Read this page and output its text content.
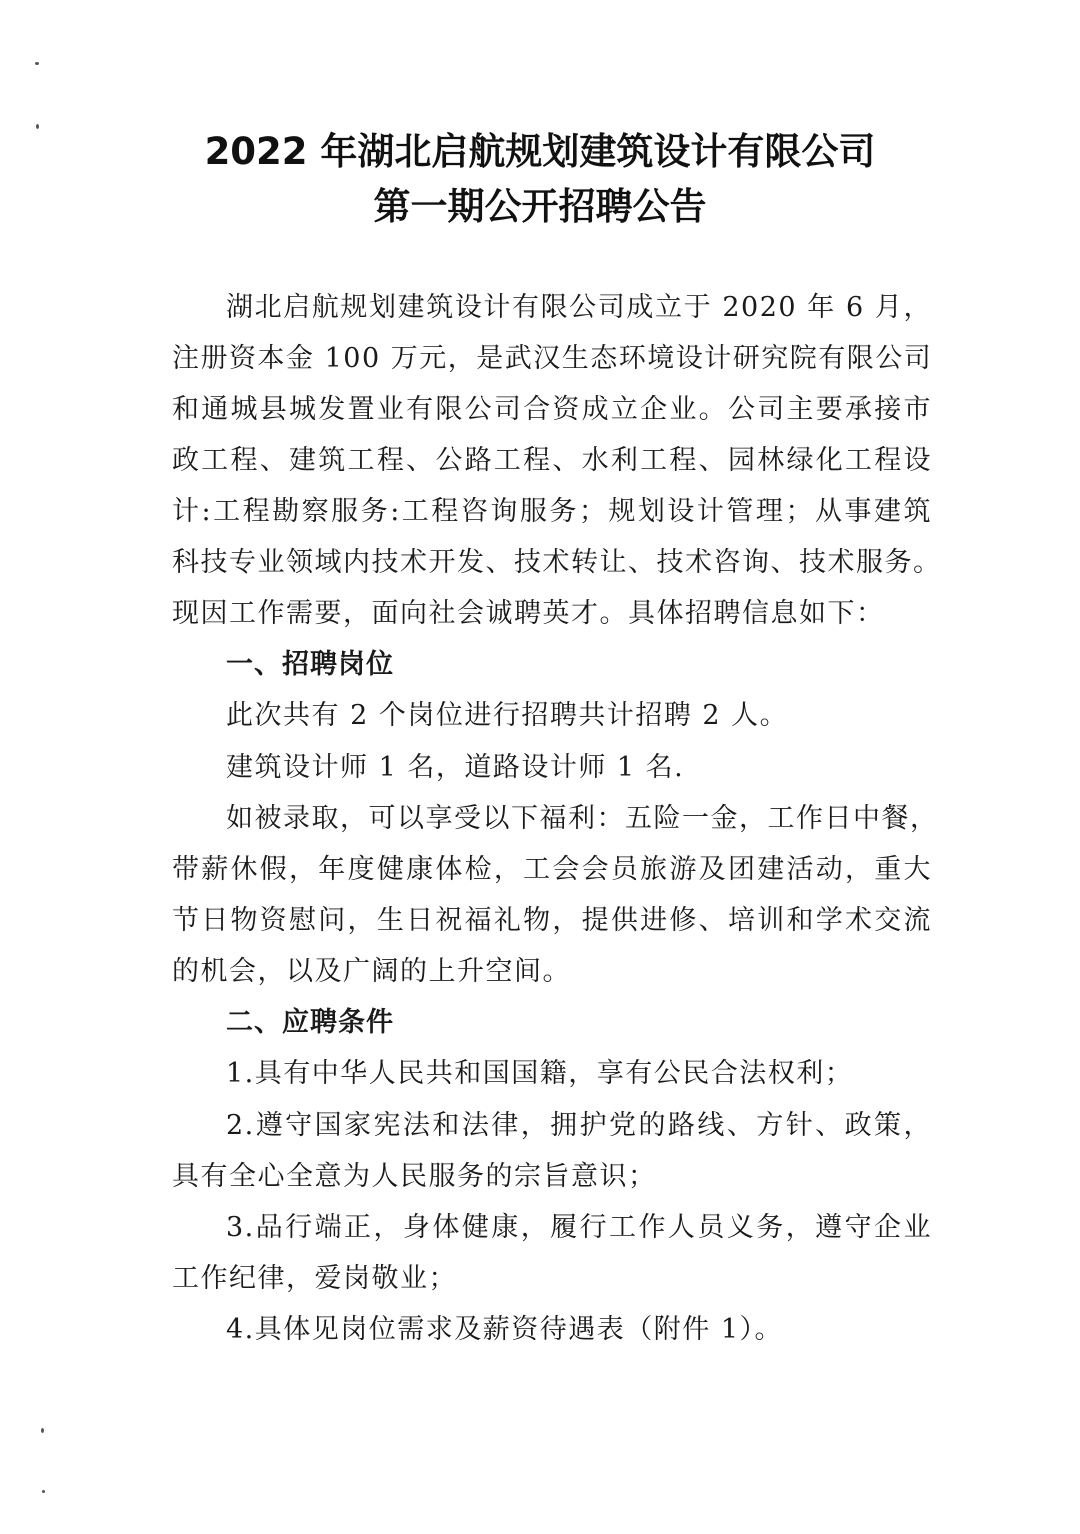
2022 年湖北启航规划建筑设计有限公司
第一期公开招聘公告
湖北启航规划建筑设计有限公司成立于 2020 年 6 月，
注册资本金 100 万元，是武汉生态环境设计研究院有限公司
和通城县城发置业有限公司合资成立企业。公司主要承接市
政工程、建筑工程、公路工程、水利工程、园林绿化工程设
计:工程勘察服务:工程咨询服务；规划设计管理；从事建筑
科技专业领域内技术开发、技术转让、技术咨询、技术服务。
现因工作需要，面向社会诚聘英才。具体招聘信息如下：
一、招聘岗位
此次共有 2 个岗位进行招聘共计招聘 2 人。
建筑设计师 1 名，道路设计师 1 名.
如被录取，可以享受以下福利：五险一金，工作日中餐，
带薪休假，年度健康体检，工会会员旅游及团建活动，重大
节日物资慰问，生日祝福礼物，提供进修、培训和学术交流
的机会，以及广阔的上升空间。
二、应聘条件
1.具有中华人民共和国国籍，享有公民合法权利；
2.遵守国家宪法和法律，拥护党的路线、方针、政策，
具有全心全意为人民服务的宗旨意识；
3.品行端正，身体健康，履行工作人员义务，遵守企业
工作纪律，爱岗敬业；
4.具体见岗位需求及薪资待遇表（附件 1）。
